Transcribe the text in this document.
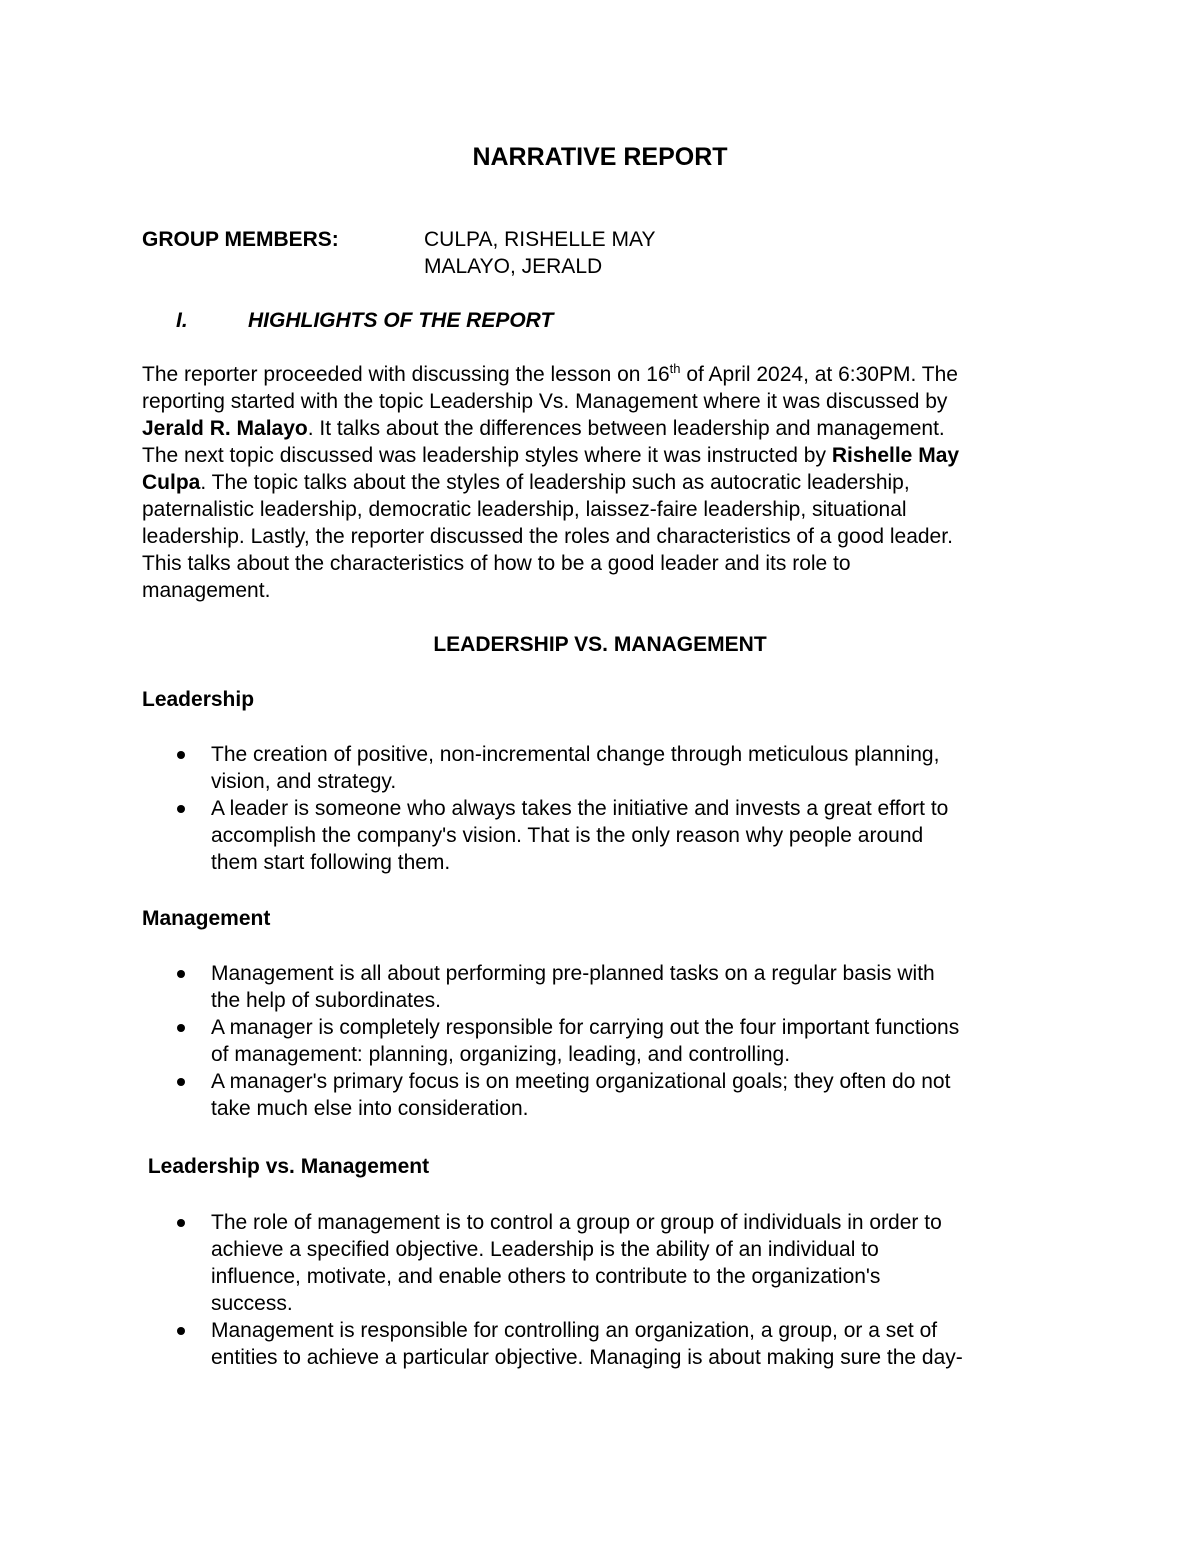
NARRATIVE REPORT
GROUP MEMBERS:	CULPA, RISHELLE MAY
MALAYO, JERALD
I.	HIGHLIGHTS OF THE REPORT
The reporter proceeded with discussing the lesson on 16th of April 2024, at 6:30PM. The
reporting started with the topic Leadership Vs. Management where it was discussed by
Jerald R. Malayo. It talks about the differences between leadership and management.
The next topic discussed was leadership styles where it was instructed by Rishelle May
Culpa. The topic talks about the styles of leadership such as autocratic leadership,
paternalistic leadership, democratic leadership, laissez-faire leadership, situational
leadership. Lastly, the reporter discussed the roles and characteristics of a good leader.
This talks about the characteristics of how to be a good leader and its role to
management.
LEADERSHIP VS. MANAGEMENT
Leadership
The creation of positive, non-incremental change through meticulous planning,
vision, and strategy.
A leader is someone who always takes the initiative and invests a great effort to
accomplish the company's vision. That is the only reason why people around
them start following them.
Management
Management is all about performing pre-planned tasks on a regular basis with
the help of subordinates.
A manager is completely responsible for carrying out the four important functions
of management: planning, organizing, leading, and controlling.
A manager's primary focus is on meeting organizational goals; they often do not
take much else into consideration.
Leadership vs. Management
The role of management is to control a group or group of individuals in order to
achieve a specified objective. Leadership is the ability of an individual to
influence, motivate, and enable others to contribute to the organization's
success.
Management is responsible for controlling an organization, a group, or a set of
entities to achieve a particular objective. Managing is about making sure the day-
